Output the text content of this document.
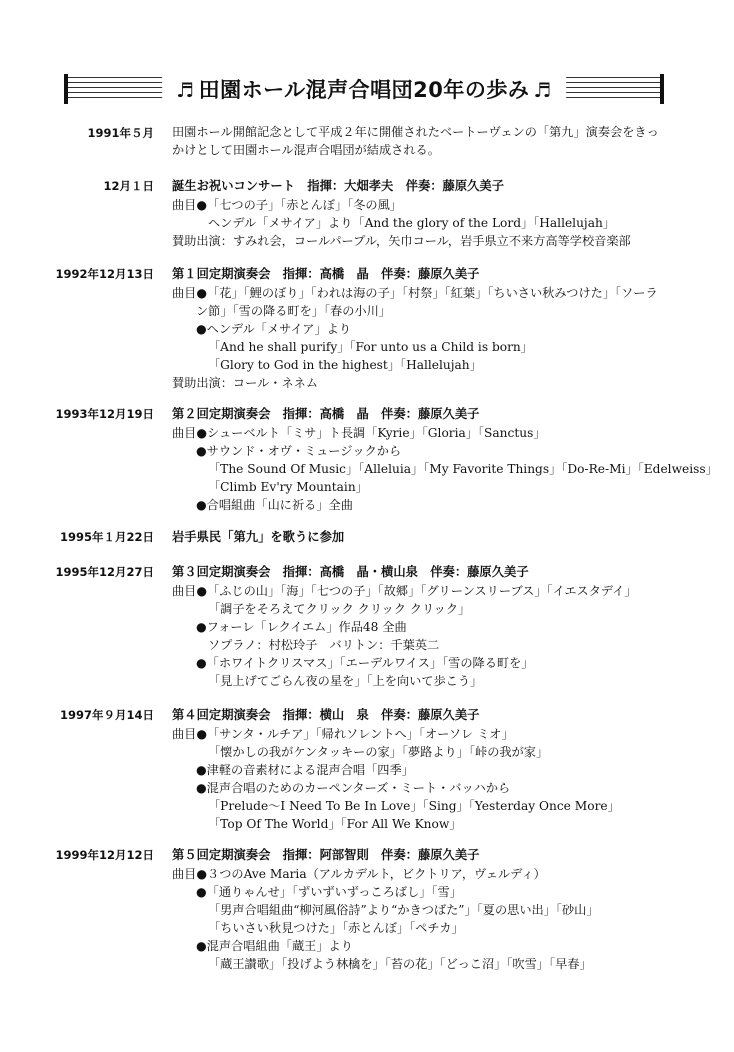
♬ 田園ホール混声合唱団20年の歩み ♬
1991年５月 田園ホール開館記念として平成２年に開催されたベートーヴェンの「第九」演奏会をきっ
かけとして田園ホール混声合唱団が結成される。
12月１日 誕生お祝いコンサート　指揮：大畑孝夫　伴奏：藤原久美子
曲目●「七つの子」「赤とんぼ」「冬の風」
ヘンデル「メサイア」より「And the glory of the Lord」「Hallelujah」
賛助出演：すみれ会，コールパープル，矢巾コール，岩手県立不来方高等学校音楽部
1992年12月13日 第１回定期演奏会　指揮：高橋　晶　伴奏：藤原久美子
曲目●「花」「鯉のぼり」「われは海の子」「村祭」「紅葉」「ちいさい秋みつけた」「ソーラ
ン節」「雪の降る町を」「春の小川」
●ヘンデル「メサイア」より
「And he shall purify」「For unto us a Child is born」
「Glory to God in the highest」「Hallelujah」
賛助出演：コール・ネネム
1993年12月19日 第２回定期演奏会　指揮：高橋　晶　伴奏：藤原久美子
曲目●シューベルト「ミサ」ト長調「Kyrie」「Gloria」「Sanctus」
●サウンド・オヴ・ミュージックから
「The Sound Of Music」「Alleluia」「My Favorite Things」「Do-Re-Mi」「Edelweiss」
「Climb Ev'ry Mountain」
●合唱組曲「山に祈る」全曲
1995年１月22日 岩手県民「第九」を歌うに参加
1995年12月27日 第３回定期演奏会　指揮：高橋　晶・横山泉　伴奏：藤原久美子
曲目●「ふじの山」「海」「七つの子」「故郷」「グリーンスリーブス」「イエスタデイ」
「調子をそろえてクリック クリック クリック」
●フォーレ「レクイエム」作品48 全曲
ソプラノ：村松玲子　バリトン：千葉英二
●「ホワイトクリスマス」「エーデルワイス」「雪の降る町を」
「見上げてごらん夜の星を」「上を向いて歩こう」
1997年９月14日 第４回定期演奏会　指揮：横山　泉　伴奏：藤原久美子
曲目●「サンタ・ルチア」「帰れソレントへ」「オーソレ ミオ」
「懐かしの我がケンタッキーの家」「夢路より」「峠の我が家」
●津軽の音素材による混声合唱「四季」
●混声合唱のためのカーペンターズ・ミート・バッハから
「Prelude～I Need To Be In Love」「Sing」「Yesterday Once More」
「Top Of The World」「For All We Know」
1999年12月12日 第５回定期演奏会　指揮：阿部智則　伴奏：藤原久美子
曲目●３つのAve Maria（アルカデルト，ビクトリア，ヴェルディ）
●「通りゃんせ」「ずいずいずっころばし」「雪」
「男声合唱組曲“柳河風俗詩”より“かきつばた”」「夏の思い出」「砂山」
「ちいさい秋見つけた」「赤とんぼ」「ペチカ」
●混声合唱組曲「蔵王」より
「蔵王讃歌」「投げよう林檎を」「苔の花」「どっこ沼」「吹雪」「早春」
